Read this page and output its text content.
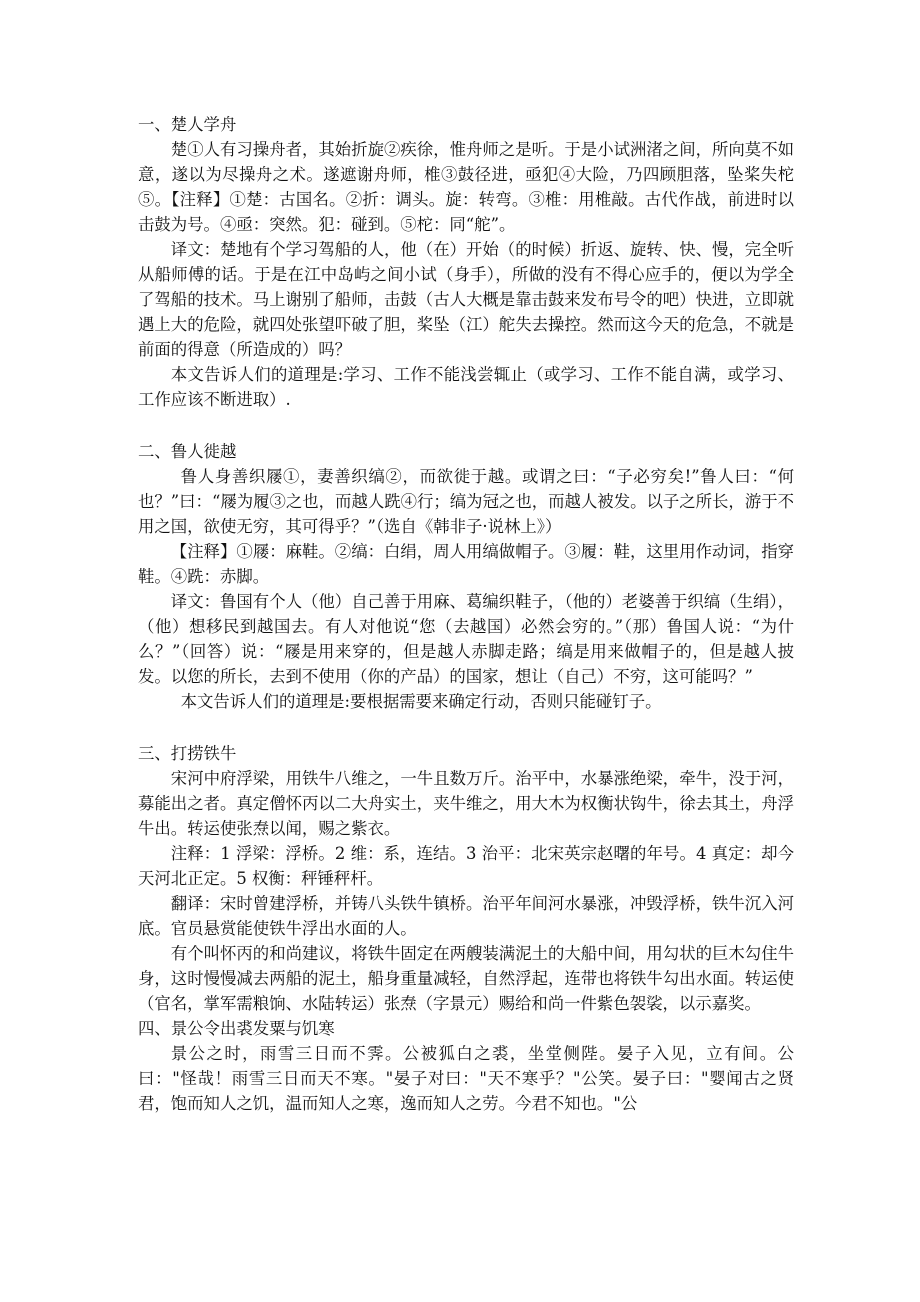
一、楚人学舟
楚①人有习操舟者，其始折旋②疾徐，惟舟师之是听。于是小试洲渚之间，所向莫不如意，遂以为尽操舟之术。遂遮谢舟师，椎③鼓径进，亟犯④大险，乃四顾胆落，坠桨失柁⑤。【注释】①楚：古国名。②折：调头。旋：转弯。③椎：用椎敲。古代作战，前进时以击鼓为号。④亟：突然。犯：碰到。⑤柁：同“舵”。
译文：楚地有个学习驾船的人，他（在）开始（的时候）折返、旋转、快、慢，完全听从船师傅的话。于是在江中岛屿之间小试（身手），所做的没有不得心应手的，便以为学全了驾船的技术。马上谢别了船师，击鼓（古人大概是靠击鼓来发布号令的吧）快进，立即就遇上大的危险，就四处张望吓破了胆，桨坠（江）舵失去操控。然而这今天的危急，不就是前面的得意（所造成的）吗？
本文告诉人们的道理是:学习、工作不能浅尝辄止（或学习、工作不能自满，或学习、工作应该不断进取）.
二、鲁人徙越
鲁人身善织屦①，妻善织缟②，而欲徙于越。或谓之曰：“子必穷矣!”鲁人曰：“何也？”曰：“屦为履③之也，而越人跣④行；缟为冠之也，而越人被发。以子之所长，游于不用之国，欲使无穷，其可得乎？”（选自《韩非子·说林上》）
【注释】①屦：麻鞋。②缟：白绢，周人用缟做帽子。③履：鞋，这里用作动词，指穿鞋。④跣：赤脚。
译文：鲁国有个人（他）自己善于用麻、葛编织鞋子，（他的）老婆善于织缟（生绢），（他）想移民到越国去。有人对他说“您（去越国）必然会穷的。”（那）鲁国人说：“为什么？”（回答）说：“屦是用来穿的，但是越人赤脚走路；缟是用来做帽子的，但是越人披发。以您的所长，去到不使用（你的产品）的国家，想让（自己）不穷，这可能吗？”
本文告诉人们的道理是:要根据需要来确定行动，否则只能碰钉子。
三、打捞铁牛
宋河中府浮梁，用铁牛八维之，一牛且数万斤。治平中，水暴涨绝梁，牵牛，没于河，募能出之者。真定僧怀丙以二大舟实土，夹牛维之，用大木为权衡状钩牛，徐去其土，舟浮牛出。转运使张焘以闻，赐之紫衣。
注释：1 浮梁：浮桥。2 维：系，连结。3 治平：北宋英宗赵曙的年号。4 真定：却今天河北正定。5 权衡：秤锤秤杆。
翻译：宋时曾建浮桥，并铸八头铁牛镇桥。治平年间河水暴涨，冲毁浮桥，铁牛沉入河底。官员悬赏能使铁牛浮出水面的人。
有个叫怀丙的和尚建议，将铁牛固定在两艘装满泥土的大船中间，用勾状的巨木勾住牛身，这时慢慢减去两船的泥土，船身重量减轻，自然浮起，连带也将铁牛勾出水面。转运使（官名，掌军需粮饷、水陆转运）张焘（字景元）赐给和尚一件紫色袈裟，以示嘉奖。
四、景公令出裘发粟与饥寒
景公之时，雨雪三日而不霁。公被狐白之裘，坐堂侧陛。晏子入见，立有间。公曰："怪哉！雨雪三日而天不寒。"晏子对曰："天不寒乎？"公笑。晏子曰："婴闻古之贤君，饱而知人之饥，温而知人之寒，逸而知人之劳。今君不知也。"公
